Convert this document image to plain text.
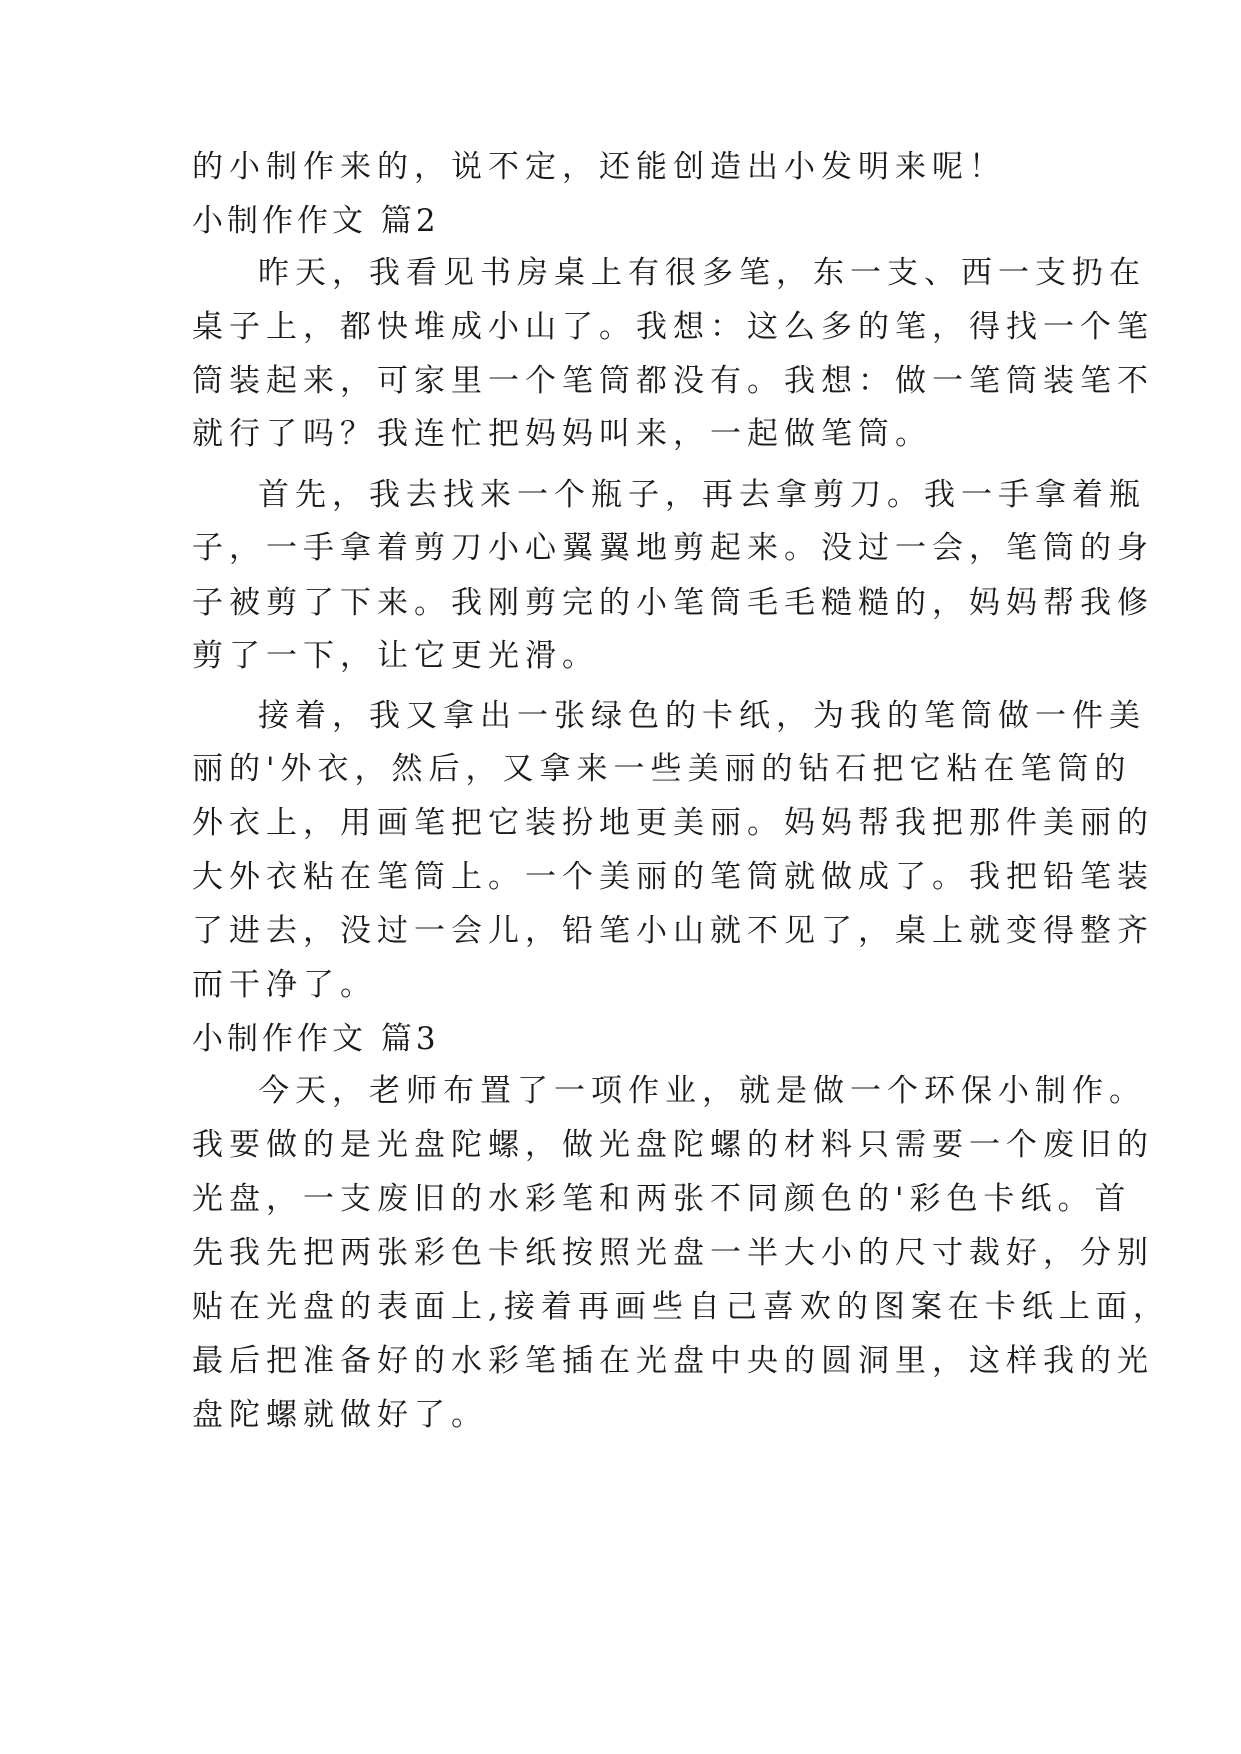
的小制作来的，说不定，还能创造出小发明来呢！
小制作作文 篇2
昨天，我看见书房桌上有很多笔，东一支、西一支扔在
桌子上，都快堆成小山了。我想：这么多的笔，得找一个笔
筒装起来，可家里一个笔筒都没有。我想：做一笔筒装笔不
就行了吗？我连忙把妈妈叫来，一起做笔筒。
首先，我去找来一个瓶子，再去拿剪刀。我一手拿着瓶
子，一手拿着剪刀小心翼翼地剪起来。没过一会，笔筒的身
子被剪了下来。我刚剪完的小笔筒毛毛糙糙的，妈妈帮我修
剪了一下，让它更光滑。
接着，我又拿出一张绿色的卡纸，为我的笔筒做一件美
丽的'外衣，然后，又拿来一些美丽的钻石把它粘在笔筒的
外衣上，用画笔把它装扮地更美丽。妈妈帮我把那件美丽的
大外衣粘在笔筒上。一个美丽的笔筒就做成了。我把铅笔装
了进去，没过一会儿，铅笔小山就不见了，桌上就变得整齐
而干净了。
小制作作文 篇3
今天，老师布置了一项作业，就是做一个环保小制作。
我要做的是光盘陀螺，做光盘陀螺的材料只需要一个废旧的
光盘，一支废旧的水彩笔和两张不同颜色的'彩色卡纸。首
先我先把两张彩色卡纸按照光盘一半大小的尺寸裁好，分别
贴在光盘的表面上,接着再画些自己喜欢的图案在卡纸上面，
最后把准备好的水彩笔插在光盘中央的圆洞里，这样我的光
盘陀螺就做好了。
